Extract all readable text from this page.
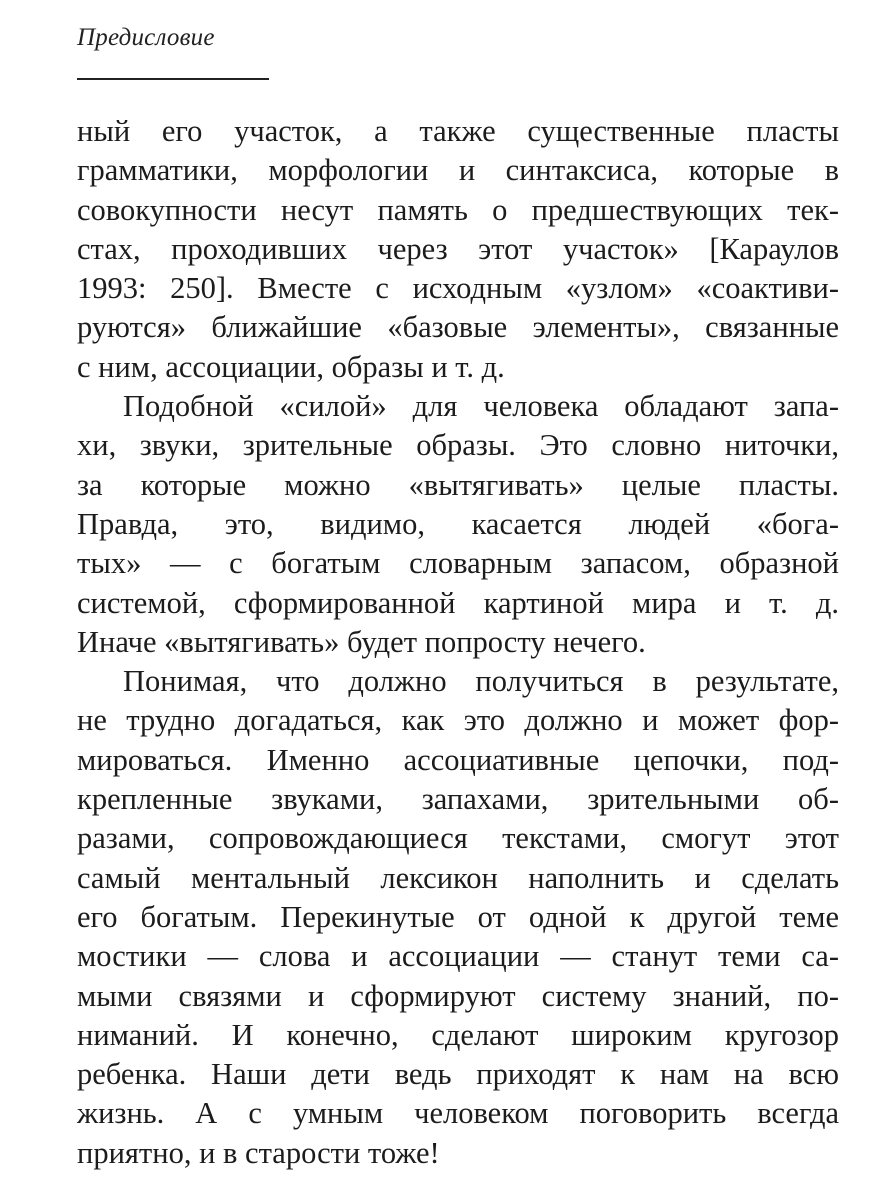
Предисловие
ный его участок, а также существенные пласты
грамматики, морфологии и синтаксиса, которые в
совокупности несут память о предшествующих тек-
стах, проходивших через этот участок» [Караулов
1993: 250]. Вместе с исходным «узлом» «соактиви-
руются» ближайшие «базовые элементы», связанные
с ним, ассоциации, образы и т. д.
Подобной «силой» для человека обладают запа-
хи, звуки, зрительные образы. Это словно ниточки,
за которые можно «вытягивать» целые пласты.
Правда, это, видимо, касается людей «бога-
тых» — с богатым словарным запасом, образной
системой, сформированной картиной мира и т. д.
Иначе «вытягивать» будет попросту нечего.
Понимая, что должно получиться в результате,
не трудно догадаться, как это должно и может фор-
мироваться. Именно ассоциативные цепочки, под-
крепленные звуками, запахами, зрительными об-
разами, сопровождающиеся текстами, смогут этот
самый ментальный лексикон наполнить и сделать
его богатым. Перекинутые от одной к другой теме
мостики — слова и ассоциации — станут теми са-
мыми связями и сформируют систему знаний, по-
ниманий. И конечно, сделают широким кругозор
ребенка. Наши дети ведь приходят к нам на всю
жизнь. А с умным человеком поговорить всегда
приятно, и в старости тоже!
